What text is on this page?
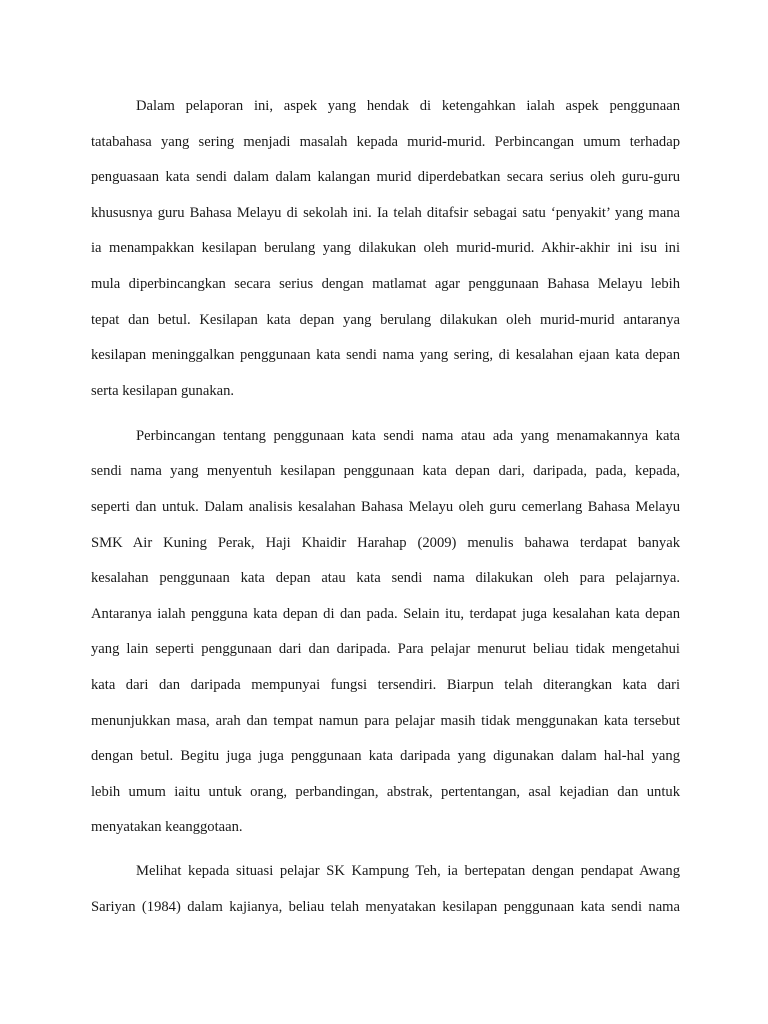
Dalam pelaporan ini, aspek yang hendak di ketengahkan ialah aspek penggunaan
tatabahasa yang sering menjadi masalah kepada murid-murid. Perbincangan umum terhadap
penguasaan kata sendi dalam dalam kalangan murid diperdebatkan secara serius oleh guru-guru
khususnya guru Bahasa Melayu di sekolah ini. Ia telah ditafsir sebagai satu ‘penyakit’ yang mana
ia menampakkan kesilapan berulang yang dilakukan oleh murid-murid. Akhir-akhir ini isu ini
mula diperbincangkan secara serius dengan matlamat agar penggunaan Bahasa Melayu lebih
tepat dan betul. Kesilapan kata depan yang berulang dilakukan oleh murid-murid antaranya
kesilapan meninggalkan penggunaan kata sendi nama yang sering, di kesalahan ejaan kata depan
serta kesilapan gunakan.

Perbincangan tentang penggunaan kata sendi nama atau ada yang menamakannya kata
sendi nama yang menyentuh kesilapan penggunaan kata depan dari, daripada, pada, kepada,
seperti dan untuk. Dalam analisis kesalahan Bahasa Melayu oleh guru cemerlang Bahasa Melayu
SMK Air Kuning Perak, Haji Khaidir Harahap (2009) menulis bahawa terdapat banyak
kesalahan penggunaan kata depan atau kata sendi nama dilakukan oleh para pelajarnya.
Antaranya ialah pengguna kata depan di dan pada. Selain itu, terdapat juga kesalahan kata depan
yang lain seperti penggunaan dari dan daripada. Para pelajar menurut beliau tidak mengetahui
kata dari dan daripada mempunyai fungsi tersendiri. Biarpun telah diterangkan kata dari
menunjukkan masa, arah dan tempat namun para pelajar masih tidak menggunakan kata tersebut
dengan betul. Begitu juga juga penggunaan kata daripada yang digunakan dalam hal-hal yang
lebih umum iaitu untuk orang, perbandingan, abstrak, pertentangan, asal kejadian dan untuk
menyatakan keanggotaan.

Melihat kepada situasi pelajar SK Kampung Teh, ia bertepatan dengan pendapat Awang
Sariyan (1984) dalam kajianya, beliau telah menyatakan kesilapan penggunaan kata sendi nama
